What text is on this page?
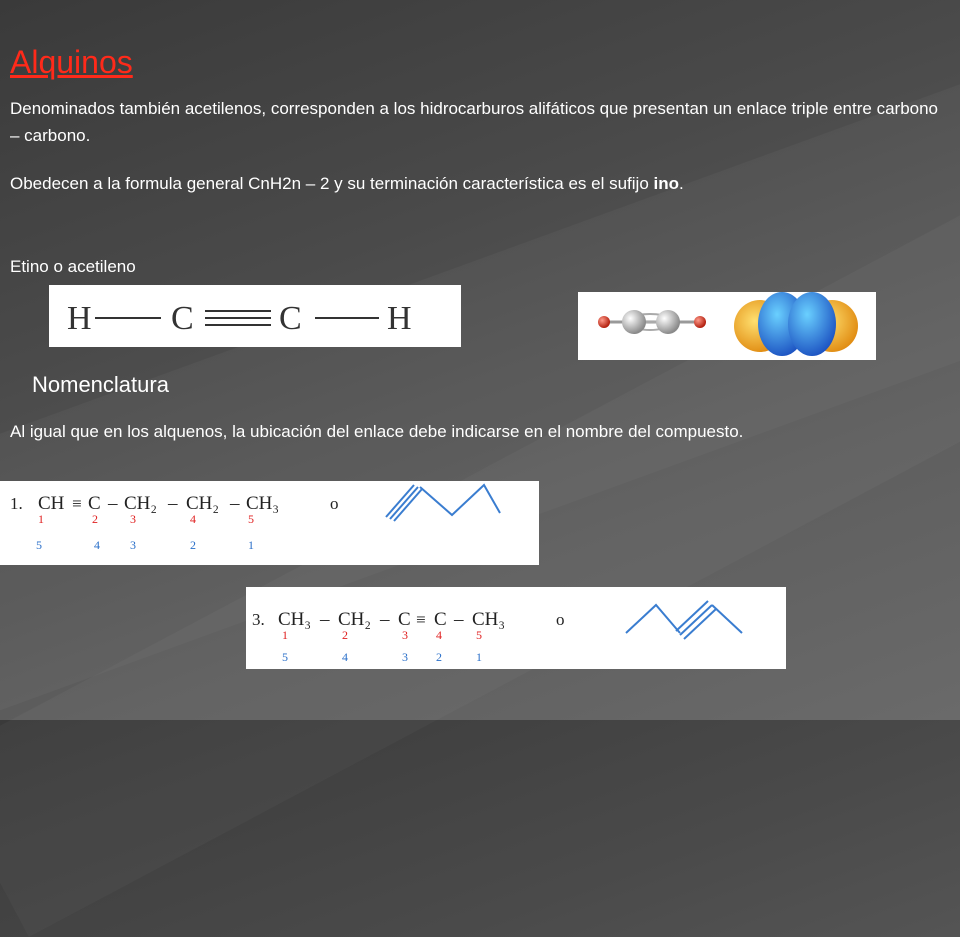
Alquinos
Denominados también acetilenos, corresponden a los hidrocarburos alifáticos que presentan un enlace triple entre carbono – carbono.
Obedecen a la formula general CnH2n – 2 y su terminación característica es el sufijo ino.
Etino o acetileno
H C	C	H
Nomenclatura
Al igual que en los alquenos, la ubicación del enlace debe indicarse en el nombre del compuesto.
1. CH ≡ C – CH₂ – CH₂ – CH₃
1	2	3	4	5
5	4	3	2	1
o
3. CH₃ – CH₂ – C ≡ C – CH₃
1	2	3 4	5
5	4	3 2	1
o
